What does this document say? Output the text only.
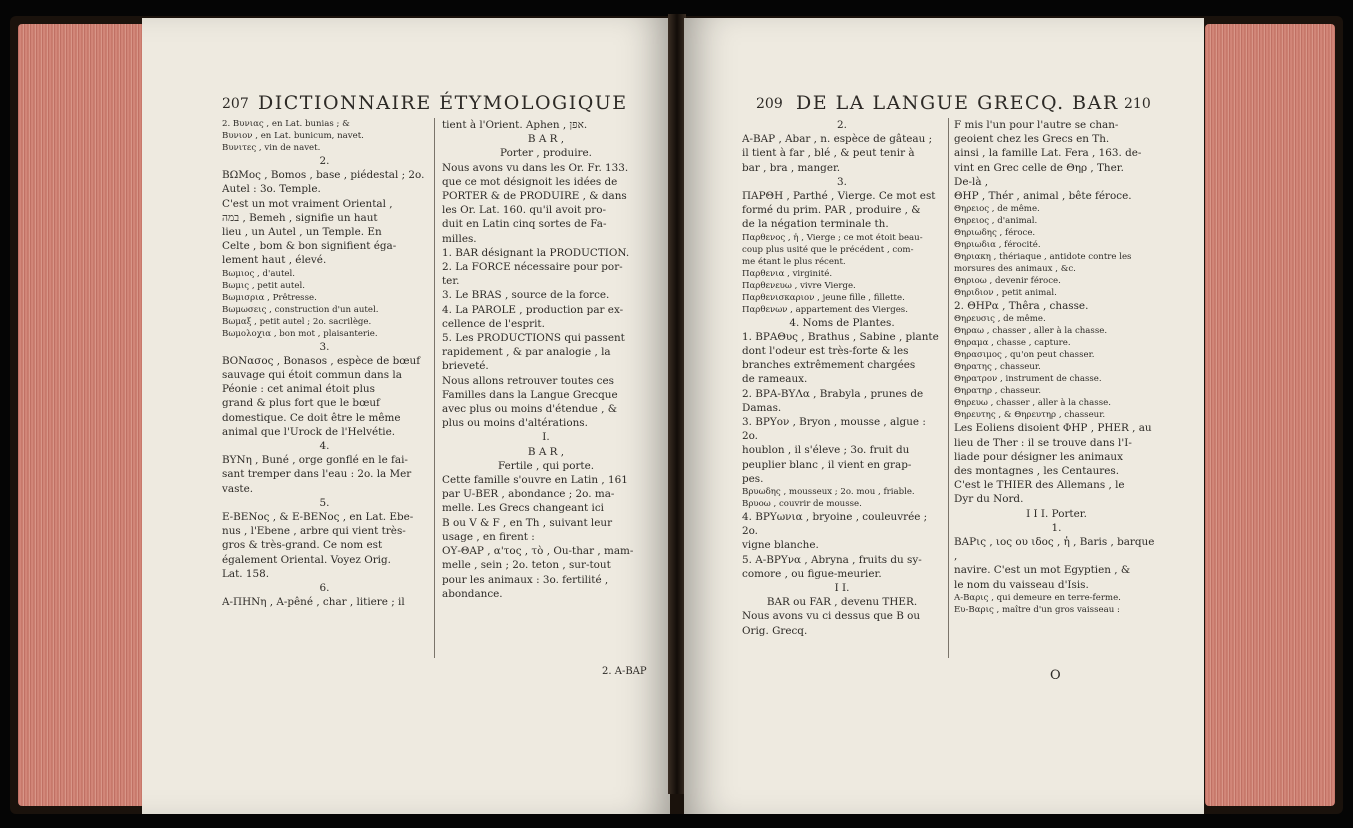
207 DICTIONNAIRE ÉTYMOLOGIQUE

2. Βυνιας , en Lat. bunias ; &

Βυνιον , en Lat. bunicum, navet.

Βυνιτες , vin de navet.

2.

ΒΩΜος , Bomos , base , piédestal ; 2o.

Autel : 3o. Temple.

C'est un mot vraiment Oriental ,

במה , Bemeh , signifie un haut

lieu , un Autel , un Temple. En

Celte , bom & bon signifient éga-

lement haut , élevé.

Βωμιος , d'autel.

Βωμις , petit autel.

Βωμισρια , Prêtresse.

Βωμωσεις , construction d'un autel.

Βωμαξ , petit autel ; 2o. sacrilège.

Βωμολοχια , bon mot , plaisanterie.

3.

ΒΟΝασος , Bonasos , espèce de bœuf

sauvage qui étoit commun dans la

Péonie : cet animal étoit plus

grand & plus fort que le bœuf

domestique. Ce doit être le même

animal que l'Urock de l'Helvétie.

4.

ΒΥΝη , Buné , orge gonflé en le fai-

sant tremper dans l'eau : 2o. la Mer

vaste.

5.

Ε-ΒΕΝος , & Ε-ΒΕΝος , en Lat. Ebe-

nus , l'Ebene , arbre qui vient très-

gros & très-grand. Ce nom est

également Oriental. Voyez Orig.

Lat. 158.

6.

Α-ΠΗΝη , A-pêné , char , litiere ; il

tient à l'Orient. Aphen , אפן.

B A R ,

Porter , produire.

Nous avons vu dans les Or. Fr. 133.

que ce mot désignoit les idées de

PORTER & de PRODUIRE , & dans

les Or. Lat. 160. qu'il avoit pro-

duit en Latin cinq sortes de Fa-

milles.

1. BAR désignant la PRODUCTION.

2. La FORCE nécessaire pour por-

ter.

3. Le BRAS , source de la force.

4. La PAROLE , production par ex-

cellence de l'esprit.

5. Les PRODUCTIONS qui passent

rapidement , & par analogie , la

brieveté.

Nous allons retrouver toutes ces

Familles dans la Langue Grecque

avec plus ou moins d'étendue , &

plus ou moins d'altérations.

I.

B A R ,

Fertile , qui porte.

Cette famille s'ouvre en Latin , 161

par U-BER , abondance ; 2o. ma-

melle. Les Grecs changeant ici

B ou V & F , en Th , suivant leur

usage , en firent :

ΟΥ-ΘΑΡ , α'τος , τὸ , Ou-thar , mam-

melle , sein ; 2o. teton , sur-tout

pour les animaux : 3o. fertilité ,

abondance.

2. Α-ΒΑΡ
209 DE LA LANGUE GRECQ. BAR 210

2.

Α-ΒΑΡ , Abar , n. espèce de gâteau ;

il tient à far , blé , & peut tenir à

bar , bra , manger.

3.

ΠΑΡΘΗ , Parthé , Vierge. Ce mot est

formé du prim. PAR , produire , &

de la négation terminale th.

Παρθενος , ἡ , Vierge ; ce mot étoit beau-

coup plus usité que le précédent , com-

me étant le plus récent.

Παρθενια , virginité.

Παρθενευω , vivre Vierge.

Παρθενισκαριον , jeune fille , fillette.

Παρθενων , appartement des Vierges.

4. Noms de Plantes.

1. ΒΡΑΘυς , Brathus , Sabine , plante

dont l'odeur est très-forte & les

branches extrêmement chargées

de rameaux.

2. ΒΡΑ-ΒΥΛα , Brabyla , prunes de

Damas.

3. ΒΡΥον , Bryon , mousse , algue : 2o.

houblon , il s'éleve ; 3o. fruit du

peuplier blanc , il vient en grap-

pes.

Βρυωδης , mousseux ; 2o. mou , friable.

Βρυοω , couvrir de mousse.

4. ΒΡΥωνια , bryoine , couleuvrée ; 2o.

vigne blanche.

5. Α-ΒΡΥνα , Abryna , fruits du sy-

comore , ou figue-meurier.

I I.

BAR ou FAR , devenu THER.

Nous avons vu ci dessus que B ou

Orig. Grecq.

F mis l'un pour l'autre se chan-

geoient chez les Grecs en Th.

ainsi , la famille Lat. Fera , 163. de-

vint en Grec celle de Θηρ , Ther.

De-là ,

ΘΗΡ , Thér , animal , bête féroce.

Θηρειος , de même.

Θηρειος , d'animal.

Θηριωδης , féroce.

Θηριωδια , férocité.

Θηριακη , thériaque , antidote contre les

morsures des animaux , &c.

Θηριοω , devenir féroce.

Θηριδιον , petit animal.

2. ΘΗΡα , Thêra , chasse.

Θηρευσις , de même.

Θηραω , chasser , aller à la chasse.

Θηραμα , chasse , capture.

Θηρασιμος , qu'on peut chasser.

Θηρατης , chasseur.

Θηρατρον , instrument de chasse.

Θηρατηρ , chasseur.

Θηρευω , chasser , aller à la chasse.

Θηρευτης , & Θηρευτηρ , chasseur.

Les Eoliens disoient ΦΗΡ , PHER , au

lieu de Ther : il se trouve dans l'I-

liade pour désigner les animaux

des montagnes , les Centaures.

C'est le THIER des Allemans , le

Dyr du Nord.

I I I. Porter.

1.

ΒΑΡις , ιος ου ιδος , ἡ , Baris , barque ,

navire. C'est un mot Egyptien , &

le nom du vaisseau d'Isis.

A-Βαρις , qui demeure en terre-ferme.

Ευ-Βαρις , maître d'un gros vaisseau :

O
